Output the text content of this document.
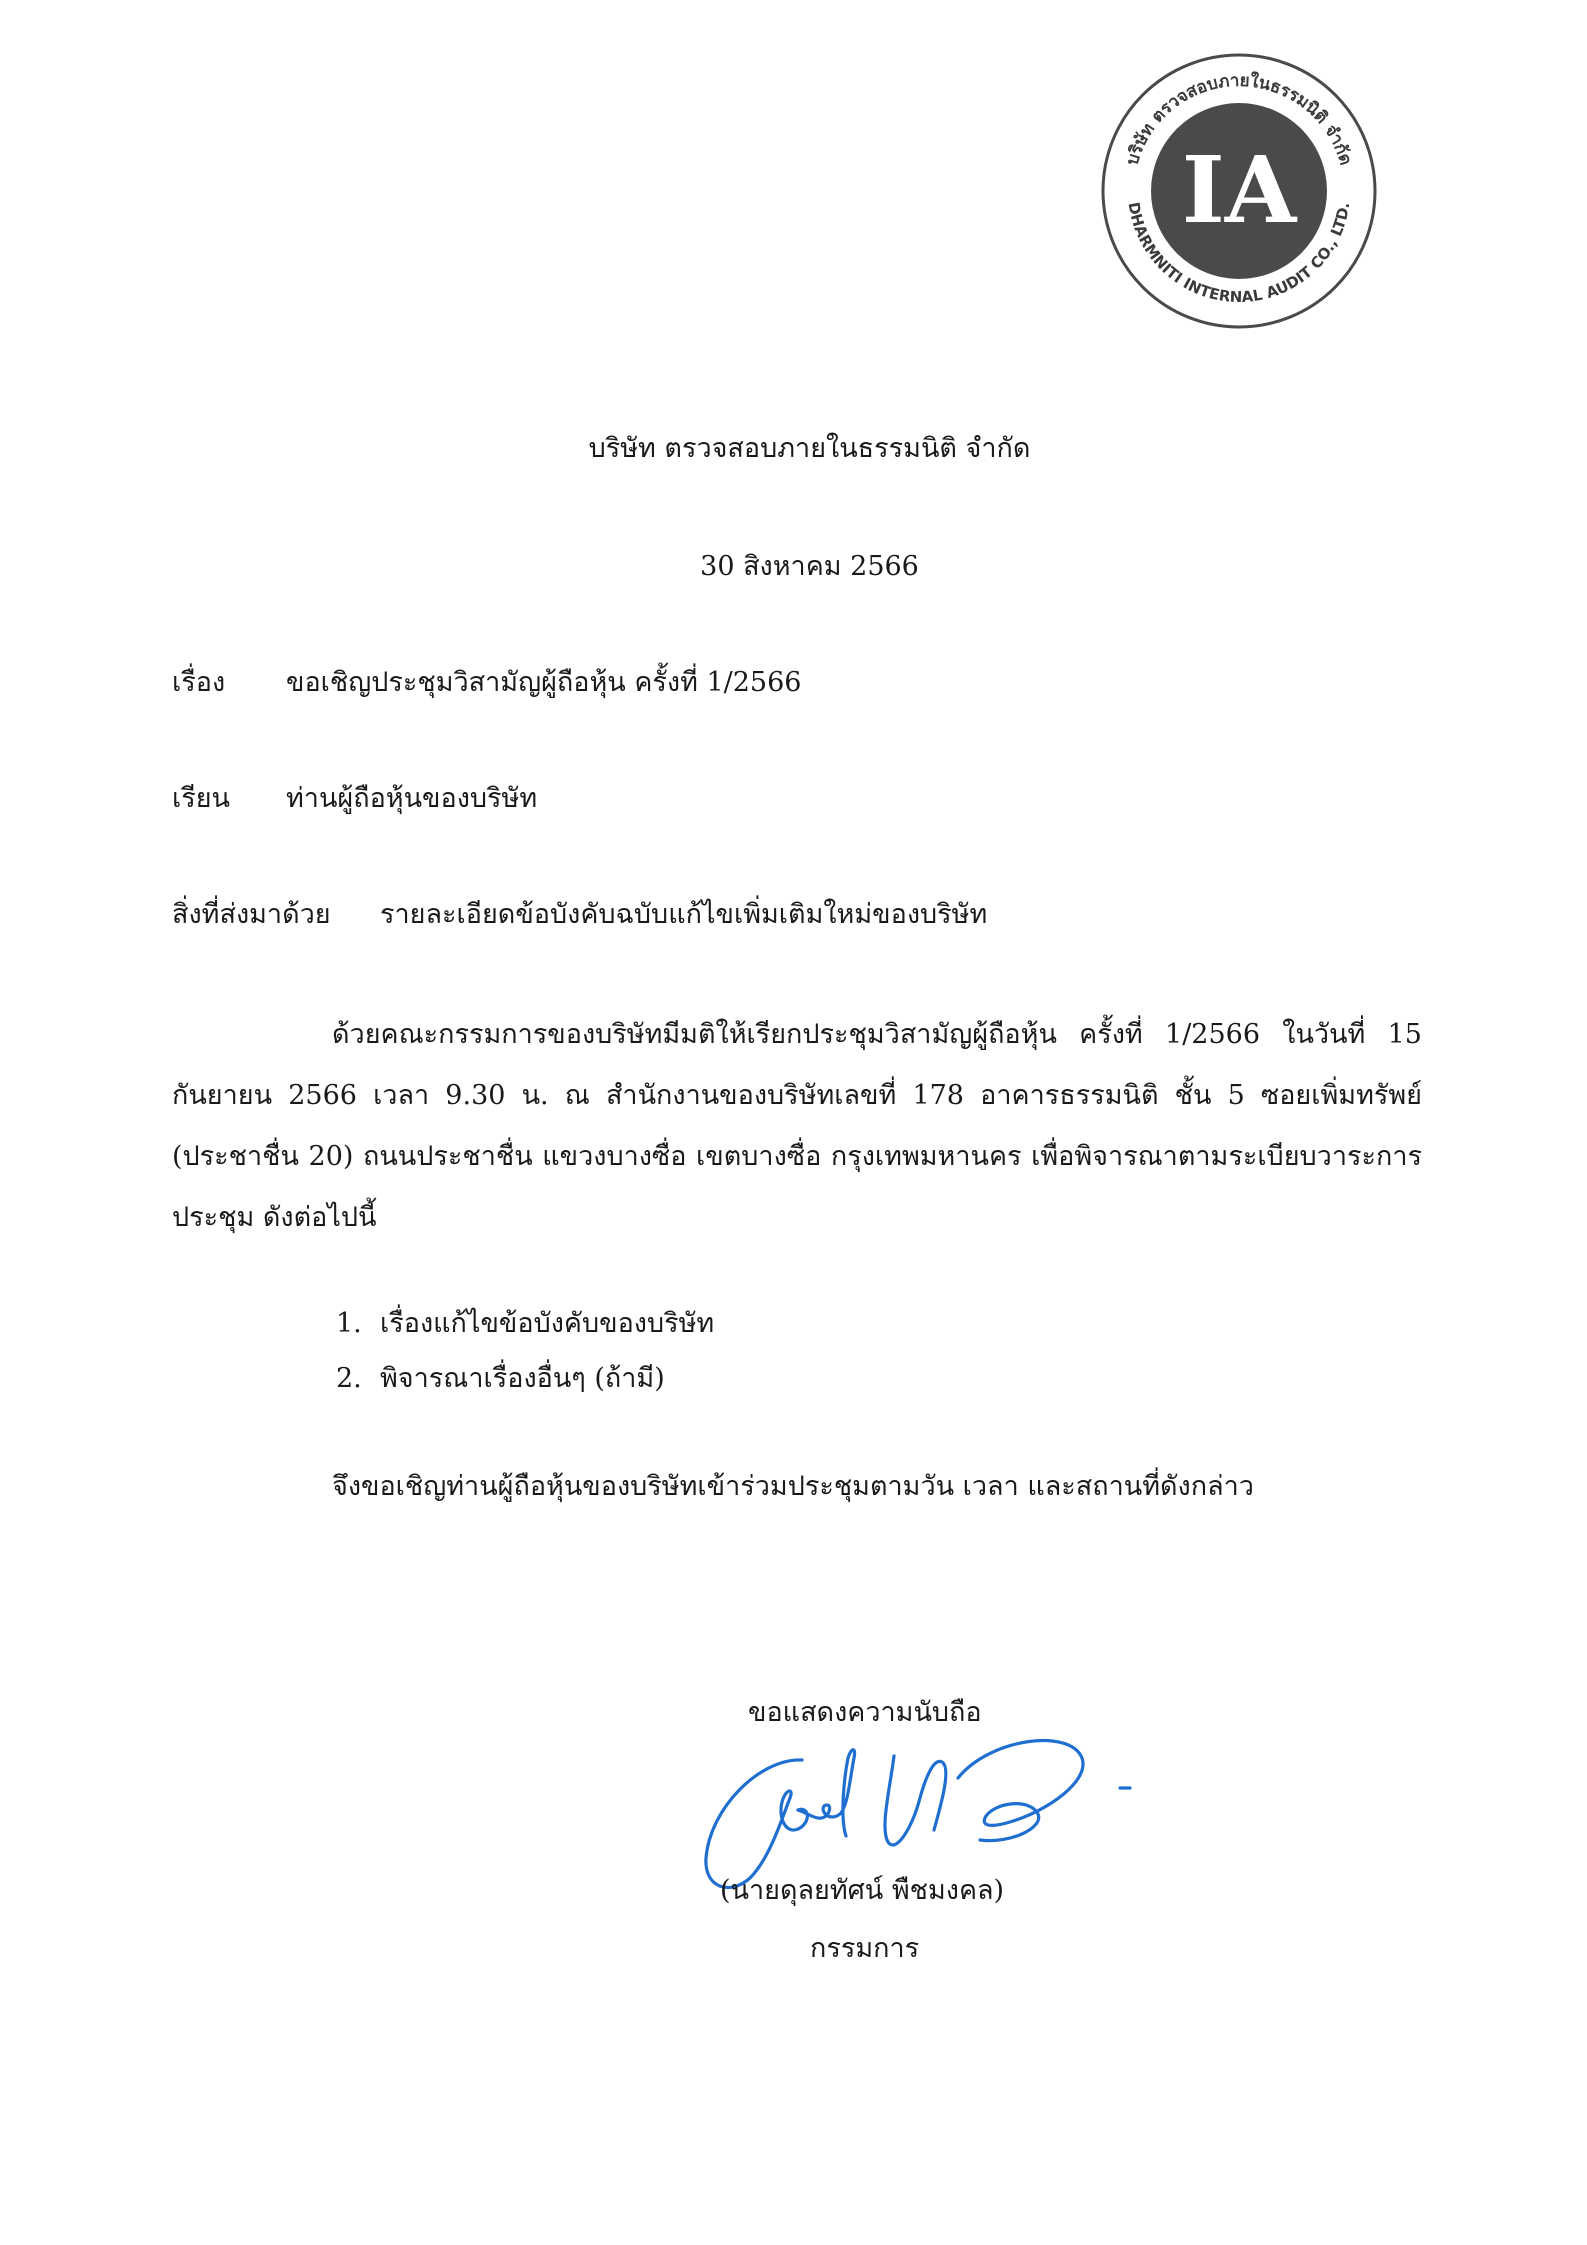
IA
บริษัท ตรวจสอบภายในธรรมนิติ จำกัด
DHARMNITI INTERNAL AUDIT CO., LTD.
บริษัท ตรวจสอบภายในธรรมนิติ จำกัด
30 สิงหาคม 2566
เรื่อง ขอเชิญประชุมวิสามัญผู้ถือหุ้น ครั้งที่ 1/2566
เรียน ท่านผู้ถือหุ้นของบริษัท
สิ่งที่ส่งมาด้วย รายละเอียดข้อบังคับฉบับแก้ไขเพิ่มเติมใหม่ของบริษัท

ด้วยคณะกรรมการของบริษัทมีมติให้เรียกประชุมวิสามัญผู้ถือหุ้น ครั้งที่ 1/2566 ในวันที่ 15 กันยายน 2566 เวลา 9.30 น. ณ สำนักงานของบริษัทเลขที่ 178 อาคารธรรมนิติ ชั้น 5 ซอยเพิ่มทรัพย์ (ประชาชื่น 20) ถนนประชาชื่น แขวงบางซื่อ เขตบางซื่อ กรุงเทพมหานคร เพื่อพิจารณาตามระเบียบวาระการประชุม ดังต่อไปนี้

1. เรื่องแก้ไขข้อบังคับของบริษัท
2. พิจารณาเรื่องอื่นๆ (ถ้ามี)
จึงขอเชิญท่านผู้ถือหุ้นของบริษัทเข้าร่วมประชุมตามวัน เวลา และสถานที่ดังกล่าว
ขอแสดงความนับถือ
(นายดุลยทัศน์ พืชมงคล)
กรรมการ
